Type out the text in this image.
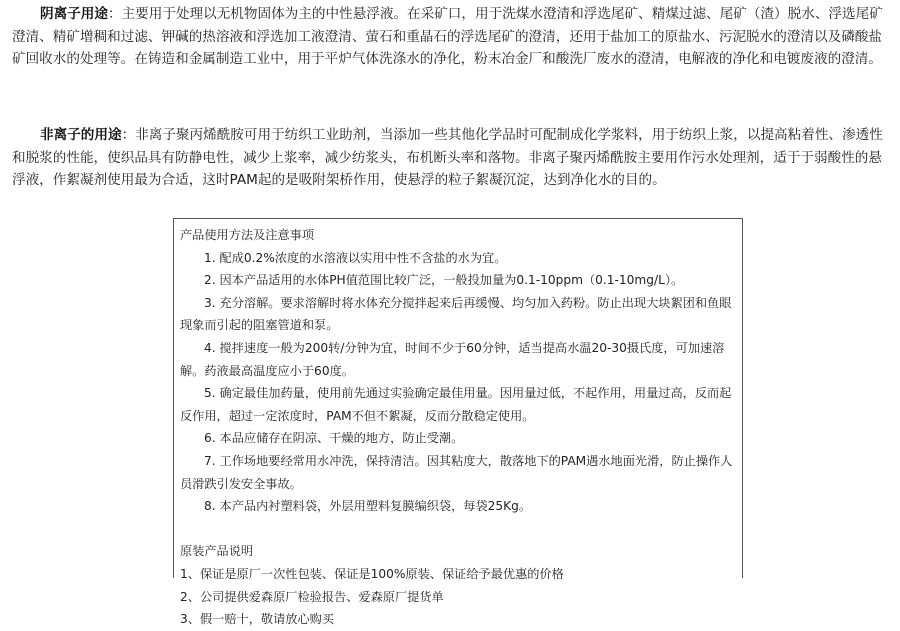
阴离子用途：主要用于处理以无机物固体为主的中性悬浮液。在采矿口，用于洗煤水澄清和浮选尾矿、精煤过滤、尾矿（渣）脱水、浮选尾矿澄清、精矿增稠和过滤、钾碱的热溶液和浮选加工液澄清、萤石和重晶石的浮选尾矿的澄清，还用于盐加工的原盐水、污泥脱水的澄清以及磷酸盐矿回收水的处理等。在铸造和金属制造工业中，用于平炉气体洗涤水的净化，粉末冶金厂和酸洗厂废水的澄清，电解液的净化和电镀废液的澄清。

非离子的用途：非离子聚丙烯酰胺可用于纺织工业助剂，当添加一些其他化学品时可配制成化学浆料，用于纺织上浆，以提高粘着性、渗透性和脱浆的性能，使织品具有防静电性，减少上浆率，减少纺浆头，布机断头率和落物。非离子聚丙烯酰胺主要用作污水处理剂，适于于弱酸性的悬浮液，作絮凝剂使用最为合适，这时PAM起的是吸附架桥作用，使悬浮的粒子絮凝沉淀，达到净化水的目的。

产品使用方法及注意事项

1. 配成0.2%浓度的水溶液以实用中性不含盐的水为宜。

2. 因本产品适用的水体PH值范围比较广泛，一般投加量为0.1-10ppm（0.1-10mg/L）。

3. 充分溶解。要求溶解时将水体充分搅拌起来后再缓慢、均匀加入药粉。防止出现大块絮团和鱼眼现象而引起的阻塞管道和泵。

4. 搅拌速度一般为200转/分钟为宜，时间不少于60分钟，适当提高水温20-30摄氏度，可加速溶解。药液最高温度应小于60度。

5. 确定最佳加药量，使用前先通过实验确定最佳用量。因用量过低，不起作用，用量过高，反而起反作用，超过一定浓度时，PAM不但不絮凝，反而分散稳定使用。

6. 本品应储存在阴凉、干燥的地方，防止受潮。

7. 工作场地要经常用水冲洗，保持清洁。因其粘度大，散落地下的PAM遇水地面光滑，防止操作人员滑跌引发安全事故。

8. 本产品内衬塑料袋，外层用塑料复膜编织袋，每袋25Kg。

原装产品说明

1、保证是原厂一次性包装、保证是100%原装、保证给予最优惠的价格

2、公司提供爱森原厂检验报告、爱森原厂提货单

3、假一赔十，敬请放心购买
